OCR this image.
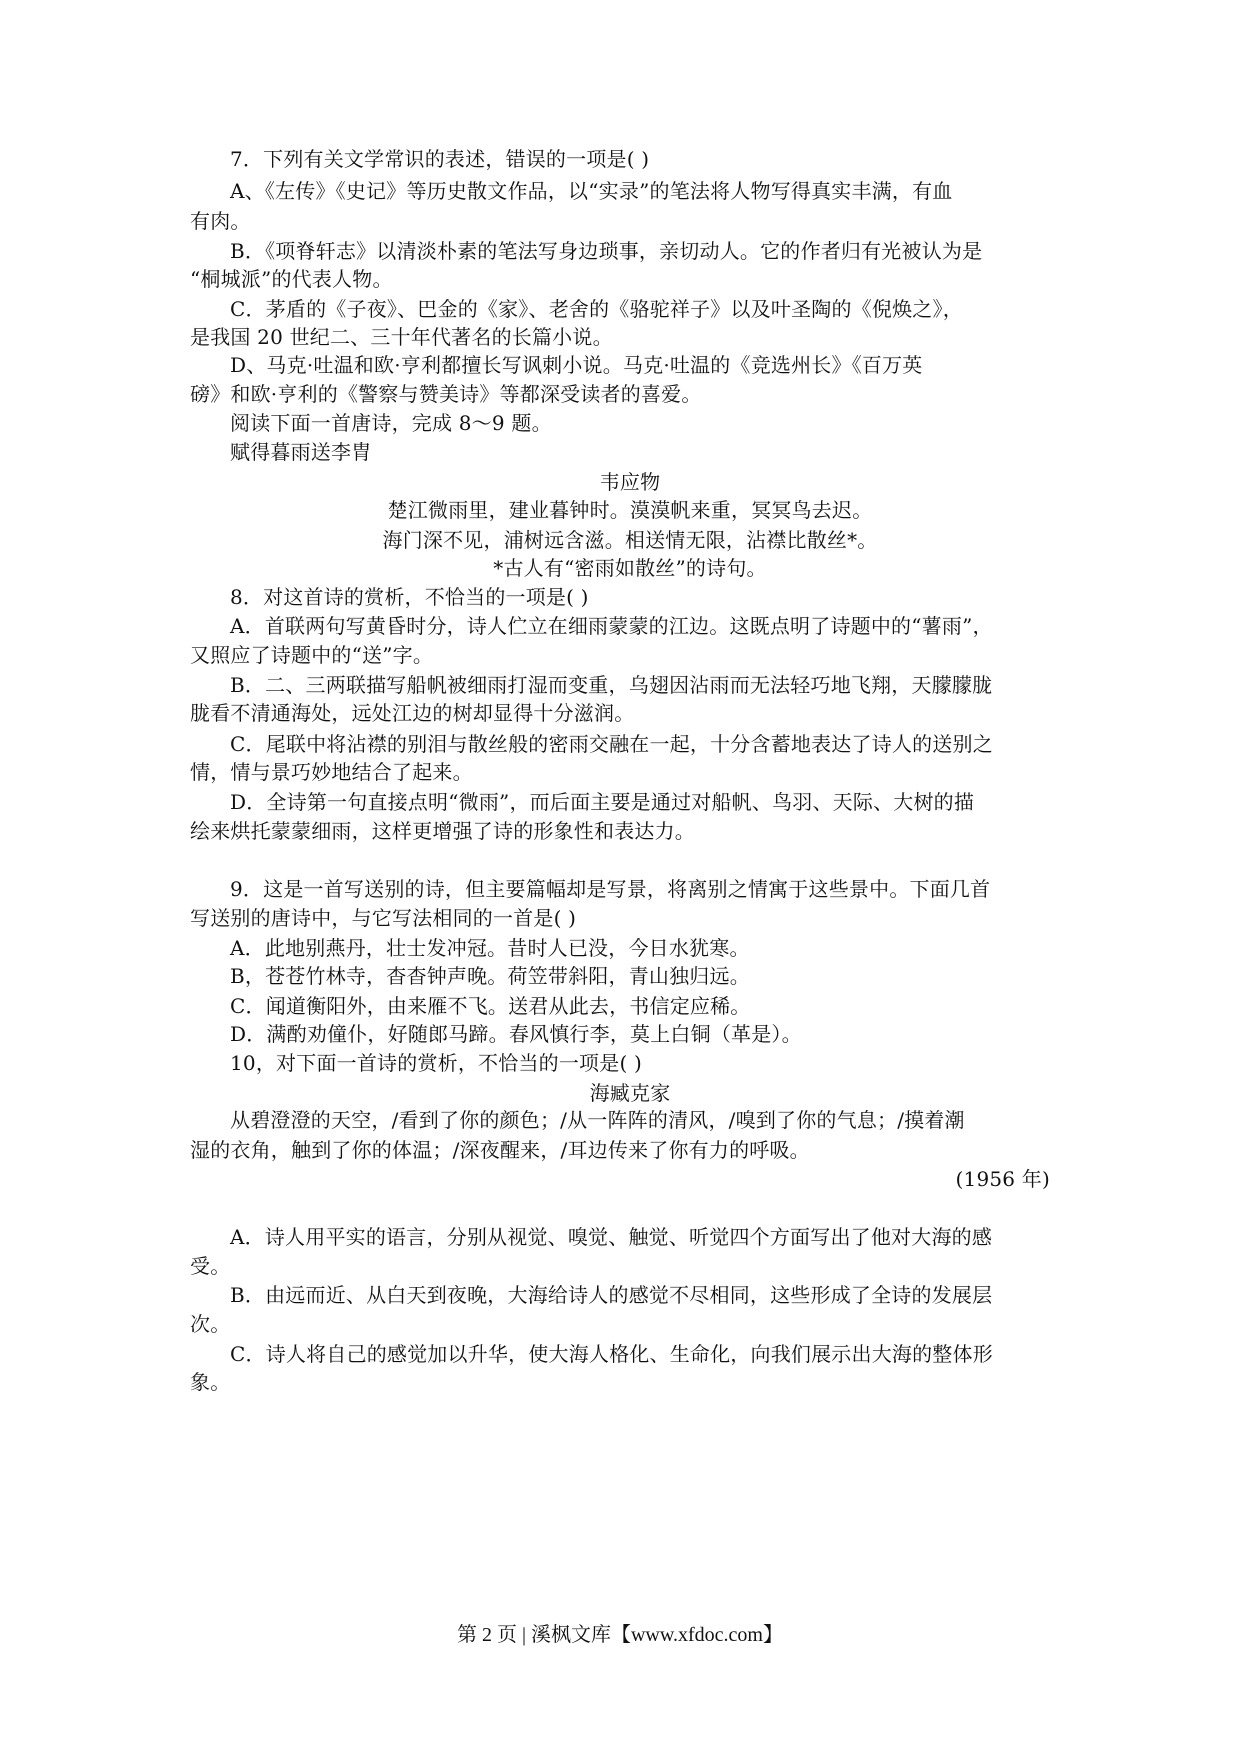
7．下列有关文学常识的表述，错误的一项是( )
A、《左传》《史记》等历史散文作品，以“实录”的笔法将人物写得真实丰满，有血
有肉。
B．《项脊轩志》以清淡朴素的笔法写身边琐事，亲切动人。它的作者归有光被认为是
“桐城派”的代表人物。
C．茅盾的《子夜》、巴金的《家》、老舍的《骆驼祥子》以及叶圣陶的《倪焕之》，
是我国 20 世纪二、三十年代著名的长篇小说。
D、马克·吐温和欧·亨利都擅长写讽刺小说。马克·吐温的《竞选州长》《百万英
磅》和欧·亨利的《警察与赞美诗》等都深受读者的喜爱。
阅读下面一首唐诗，完成 8～9 题。
赋得暮雨送李胄
韦应物
楚江微雨里，建业暮钟时。漠漠帆来重，冥冥鸟去迟。
海门深不见，浦树远含滋。相送情无限，沾襟比散丝*。
*古人有“密雨如散丝”的诗句。
8．对这首诗的赏析，不恰当的一项是( )
A．首联两句写黄昏时分，诗人伫立在细雨蒙蒙的江边。这既点明了诗题中的“薯雨”，
又照应了诗题中的“送”字。
B．二、三两联描写船帆被细雨打湿而变重，乌翅因沾雨而无法轻巧地飞翔，天朦朦胧
胧看不清通海处，远处江边的树却显得十分滋润。
C．尾联中将沾襟的别泪与散丝般的密雨交融在一起，十分含蓄地表达了诗人的送别之
情，情与景巧妙地结合了起来。
D．全诗第一句直接点明“微雨”，而后面主要是通过对船帆、鸟羽、天际、大树的描
绘来烘托蒙蒙细雨，这样更增强了诗的形象性和表达力。
9．这是一首写送别的诗，但主要篇幅却是写景，将离别之情寓于这些景中。下面几首
写送别的唐诗中，与它写法相同的一首是( )
A．此地别燕丹，壮士发冲冠。昔时人已没，今日水犹寒。
B，苍苍竹林寺，杳杳钟声晚。荷笠带斜阳，青山独归远。
C．闻道衡阳外，由来雁不飞。送君从此去，书信定应稀。
D．满酌劝僮仆，好随郎马蹄。春风慎行李，莫上白铜（革是）。
10，对下面一首诗的赏析，不恰当的一项是( )
海臧克家
从碧澄澄的天空，/看到了你的颜色；/从一阵阵的清风，/嗅到了你的气息；/摸着潮
湿的衣角，触到了你的体温；/深夜醒来，/耳边传来了你有力的呼吸。
(1956 年)
A．诗人用平实的语言，分别从视觉、嗅觉、触觉、听觉四个方面写出了他对大海的感
受。
B．由远而近、从白天到夜晚，大海给诗人的感觉不尽相同，这些形成了全诗的发展层
次。
C．诗人将自己的感觉加以升华，使大海人格化、生命化，向我们展示出大海的整体形
象。
第 2 页 | 溪枫文库【www.xfdoc.com】
